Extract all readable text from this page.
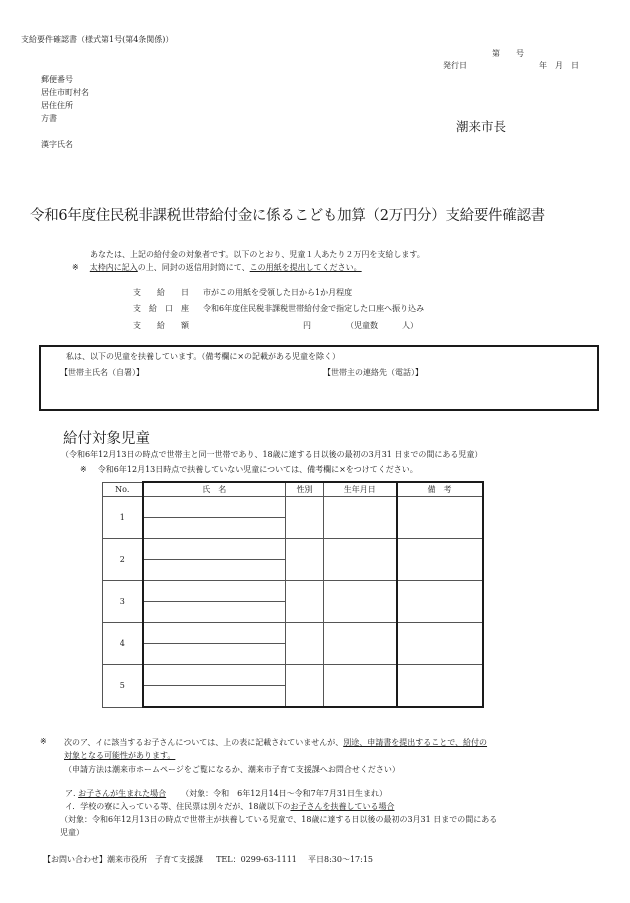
支給要件確認書（様式第1号(第4条関係)）
第　　号
発行日	年　月　日
郵便番号
居住市町村名
居住住所
方書
漢字氏名
潮来市長
令和6年度住民税非課税世帯給付金に係るこども加算（2万円分）支給要件確認書
あなたは、上記の給付金の対象者です。以下のとおり、児童１人あたり２万円を支給します。
※ 太枠内に記入の上、同封の返信用封筒にて、この用紙を提出してください。
支　　給　　日 市がこの用紙を受領した日から1か月程度
支　給　口　座 令和6年度住民税非課税世帯給付金で指定した口座へ振り込み
支　　給　　額	円	（児童数　　　人）
私は、以下の児童を扶養しています。（備考欄に×の記載がある児童を除く）
【世帯主氏名（自署）】	【世帯主の連絡先（電話）】
給付対象児童
（令和6年12月13日の時点で世帯主と同一世帯であり、18歳に達する日以後の最初の3月31 日までの間にある児童）
※ 令和6年12月13日時点で扶養していない児童については、備考欄に×をつけてください。
No.	氏　名	性別	生年月日	備　考
1				

2				

3				

4				

5				

※ 次のア、イに該当するお子さんについては、上の表に記載されていませんが、別途、申請書を提出することで、給付の
対象となる可能性があります。
（申請方法は潮来市ホームページをご覧になるか、潮来市子育て支援課へお問合せください）
ア. お子さんが生まれた場合 （対象：令和　6年12月14日～令和7年7月31日生まれ）
イ．学校の寮に入っている等、住民票は別々だが、18歳以下のお子さんを扶養している場合
（対象：令和6年12月13日の時点で世帯主が扶養している児童で、18歳に達する日以後の最初の3月31 日までの間にある
児童）
【お問い合わせ】潮来市役所　子育て支援課 TEL：0299-63-1111 平日8:30～17:15
